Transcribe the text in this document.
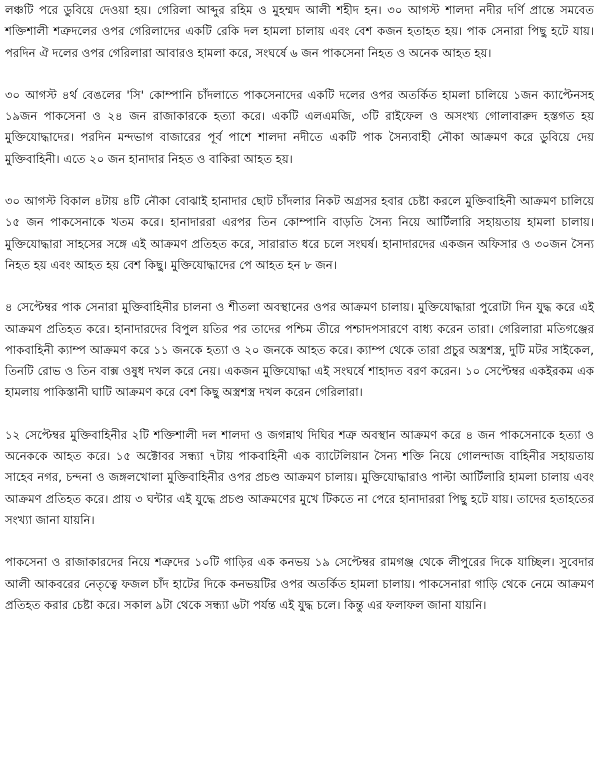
লঞ্চটি পরে ডুবিয়ে দেওয়া হয়। গেরিলা আব্দুর রহিম ও মুহম্মদ আলী শহীদ হন। ৩০ আগস্ট শালদা নদীর দর্ণি প্রান্তে সমবেত শক্তিশালী শত্রুদলের ওপর গেরিলাদের একটি রেকি দল হামলা চালায় এবং বেশ কজন হতাহত হয়। পাক সেনারা পিছু হটে যায়। পরদিন ঐ দলের ওপর গেরিলারা আবারও হামলা করে, সংঘর্ষে ৬ জন পাকসেনা নিহত ও অনেক আহত হয়।

৩০ আগস্ট ৪র্থ বেঙলের 'সি' কোম্পানি চাঁদলাতে পাকসেনাদের একটি দলের ওপর অতর্কিত হামলা চালিয়ে ১জন ক্যাপ্টেনসহ ১৯জন পাকসেনা ও ২৪ জন রাজাকারকে হত্যা করে। একটি এলএমজি, ৩টি রাইফেল ও অসংখ্য গোলাবারুদ হস্তগত হয় মুক্তিযোদ্ধাদের। পরদিন মন্দভাগ বাজারের পূর্ব পাশে শালদা নদীতে একটি পাক সৈন্যবাহী নৌকা আক্রমণ করে ডুবিয়ে দেয় মুক্তিবাহিনী। এতে ২০ জন হানাদার নিহত ও বাকিরা আহত হয়।

৩০ আগস্ট বিকাল ৪টায় ৪টি নৌকা বোঝাই হানাদার ছোট চাঁদলার নিকট অগ্রসর হবার চেষ্টা করলে মুক্তিবাহিনী আক্রমণ চালিয়ে ১৫ জন পাকসেনাকে খতম করে। হানাদাররা এরপর তিন কোম্পানি বাড়তি সৈন্য নিয়ে আর্টিলারি সহায়তায় হামলা চালায়। মুক্তিযোদ্ধারা সাহসের সঙ্গে এই আক্রমণ প্রতিহত করে, সারারাত ধরে চলে সংঘর্ষ। হানাদারদের একজন অফিসার ও ৩০জন সৈন্য নিহত হয় এবং আহত হয় বেশ কিছু। মুক্তিযোদ্ধাদের পে আহত হন ৮ জন।

৪ সেপ্টেম্বর পাক সেনারা মুক্তিবাহিনীর চালনা ও শীতলা অবস্থানের ওপর আক্রমণ চালায়। মুক্তিযোদ্ধারা পুরোটা দিন যুদ্ধ করে এই আক্রমণ প্রতিহত করে। হানাদারদের বিপুল য়তির পর তাদের পশ্চিম তীরে পশ্চাদপসারণে বাধ্য করেন তারা। গেরিলারা মতিগঞ্জের পাকবাহিনী ক্যাম্প আক্রমণ করে ১১ জনকে হত্যা ও ২০ জনকে আহত করে। ক্যাম্প থেকে তারা প্রচুর অস্ত্রশস্ত্র, দুটি মটর সাইকেল, তিনটি রোভ ও তিন বাক্স ওষুধ দখল করে নেয়। একজন মুক্তিযোদ্ধা এই সংঘর্ষে শাহাদত বরণ করেন। ১০ সেপ্টেম্বর একইরকম এক হামলায় পাকিস্তানী ঘাটি আক্রমণ করে বেশ কিছু অস্ত্রশস্ত্র দখল করেন গেরিলারা।

১২ সেপ্টেম্বর মুক্তিবাহিনীর ২টি শক্তিশালী দল শালদা ও জগন্নাথ দিঘির শত্রু অবস্থান আক্রমণ করে ৪ জন পাকসেনাকে হত্যা ও অনেককে আহত করে। ১৫ অক্টোবর সন্ধ্যা ৭টায় পাকবাহিনী এক ব্যাটেলিয়ান সৈন্য শক্তি নিয়ে গোলন্দাজ বাহিনীর সহায়তায় সাহেব নগর, চন্দনা ও জঙ্গলখোলা মুক্তিবাহিনীর ওপর প্রচণ্ড আক্রমণ চালায়। মুক্তিযোদ্ধারাও পাল্টা আর্টিলারি হামলা চালায় এবং আক্রমণ প্রতিহত করে। প্রায় ৩ ঘন্টার এই যুদ্ধে প্রচণ্ড আক্রমণের মুখে টিকতে না পেরে হানাদাররা পিছু হটে যায়। তাদের হতাহতের সংখ্যা জানা যায়নি।

পাকসেনা ও রাজাকারদের নিয়ে শত্রুদের ১০টি গাড়ির এক কনভয় ১৯ সেপ্টেম্বর রামগঞ্জ থেকে লীপুরের দিকে যাচ্ছিল। সুবেদার আলী আকবরের নেতৃত্বে ফজল চাঁদ হাটের দিকে কনভয়টির ওপর অতর্কিত হামলা চালায়। পাকসেনারা গাড়ি থেকে নেমে আক্রমণ প্রতিহত করার চেষ্টা করে। সকাল ৯টা থেকে সন্ধ্যা ৬টা পর্যন্ত এই যুদ্ধ চলে। কিন্তু এর ফলাফল জানা যায়নি।
